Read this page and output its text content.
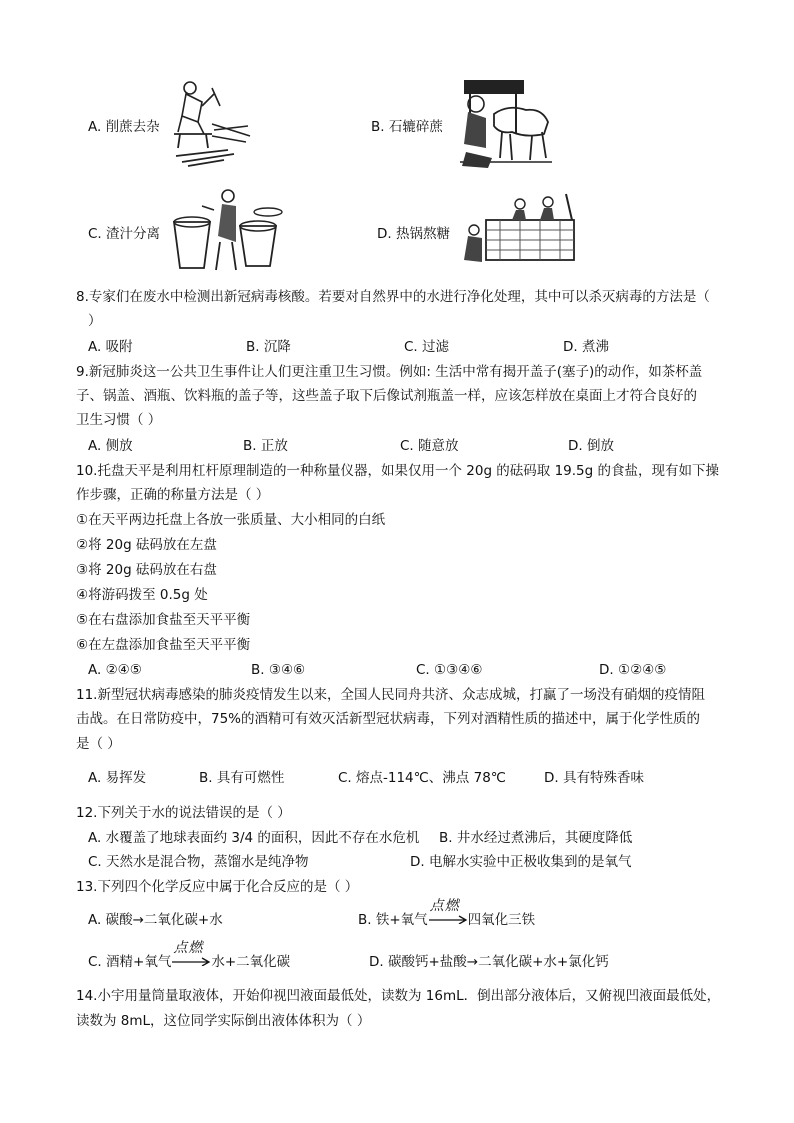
A. 削蔗去杂	B. 石辘碎蔗
C. 渣汁分离	D. 热锅熬糖
8.专家们在废水中检测出新冠病毒核酸。若要对自然界中的水进行净化处理，其中可以杀灭病毒的方法是（
）
A. 吸附	B. 沉降	C. 过滤	D. 煮沸
9.新冠肺炎这一公共卫生事件让人们更注重卫生习惯。例如: 生活中常有揭开盖子(塞子)的动作，如茶杯盖
子、锅盖、酒瓶、饮料瓶的盖子等，这些盖子取下后像试剂瓶盖一样，应该怎样放在桌面上才符合良好的
卫生习惯（ ）
A. 侧放	B. 正放	C. 随意放	D. 倒放
10.托盘天平是利用杠杆原理制造的一种称量仪器，如果仅用一个 20g 的砝码取 19.5g 的食盐，现有如下操
作步骤，正确的称量方法是（ ）
①在天平两边托盘上各放一张质量、大小相同的白纸
②将 20g 砝码放在左盘
③将 20g 砝码放在右盘
④将游码拨至 0.5g 处
⑤在右盘添加食盐至天平平衡
⑥在左盘添加食盐至天平平衡
A. ②④⑤	B. ③④⑥	C. ①③④⑥	D. ①②④⑤
11.新型冠状病毒感染的肺炎疫情发生以来，全国人民同舟共济、众志成城，打赢了一场没有硝烟的疫情阻
击战。在日常防疫中，75%的酒精可有效灭活新型冠状病毒，下列对酒精性质的描述中，属于化学性质的
是（ ）
A. 易挥发	B. 具有可燃性	C. 熔点-114℃、沸点 78℃	D. 具有特殊香味
12.下列关于水的说法错误的是（ ）
A. 水覆盖了地球表面约 3/4 的面积，因此不存在水危机 B. 井水经过煮沸后，其硬度降低
C. 天然水是混合物，蒸馏水是纯净物	D. 电解水实验中正极收集到的是氧气
13.下列四个化学反应中属于化合反应的是（ ）
A. 碳酸→二氧化碳+水	B. 铁+氧气
点燃
四氧化三铁
C. 酒精+氧气
点燃
水+二氧化碳	D. 碳酸钙+盐酸→二氧化碳+水+氯化钙
14.小宇用量筒量取液体，开始仰视凹液面最低处，读数为 16mL．倒出部分液体后，又俯视凹液面最低处，
读数为 8mL，这位同学实际倒出液体体积为（ ）
